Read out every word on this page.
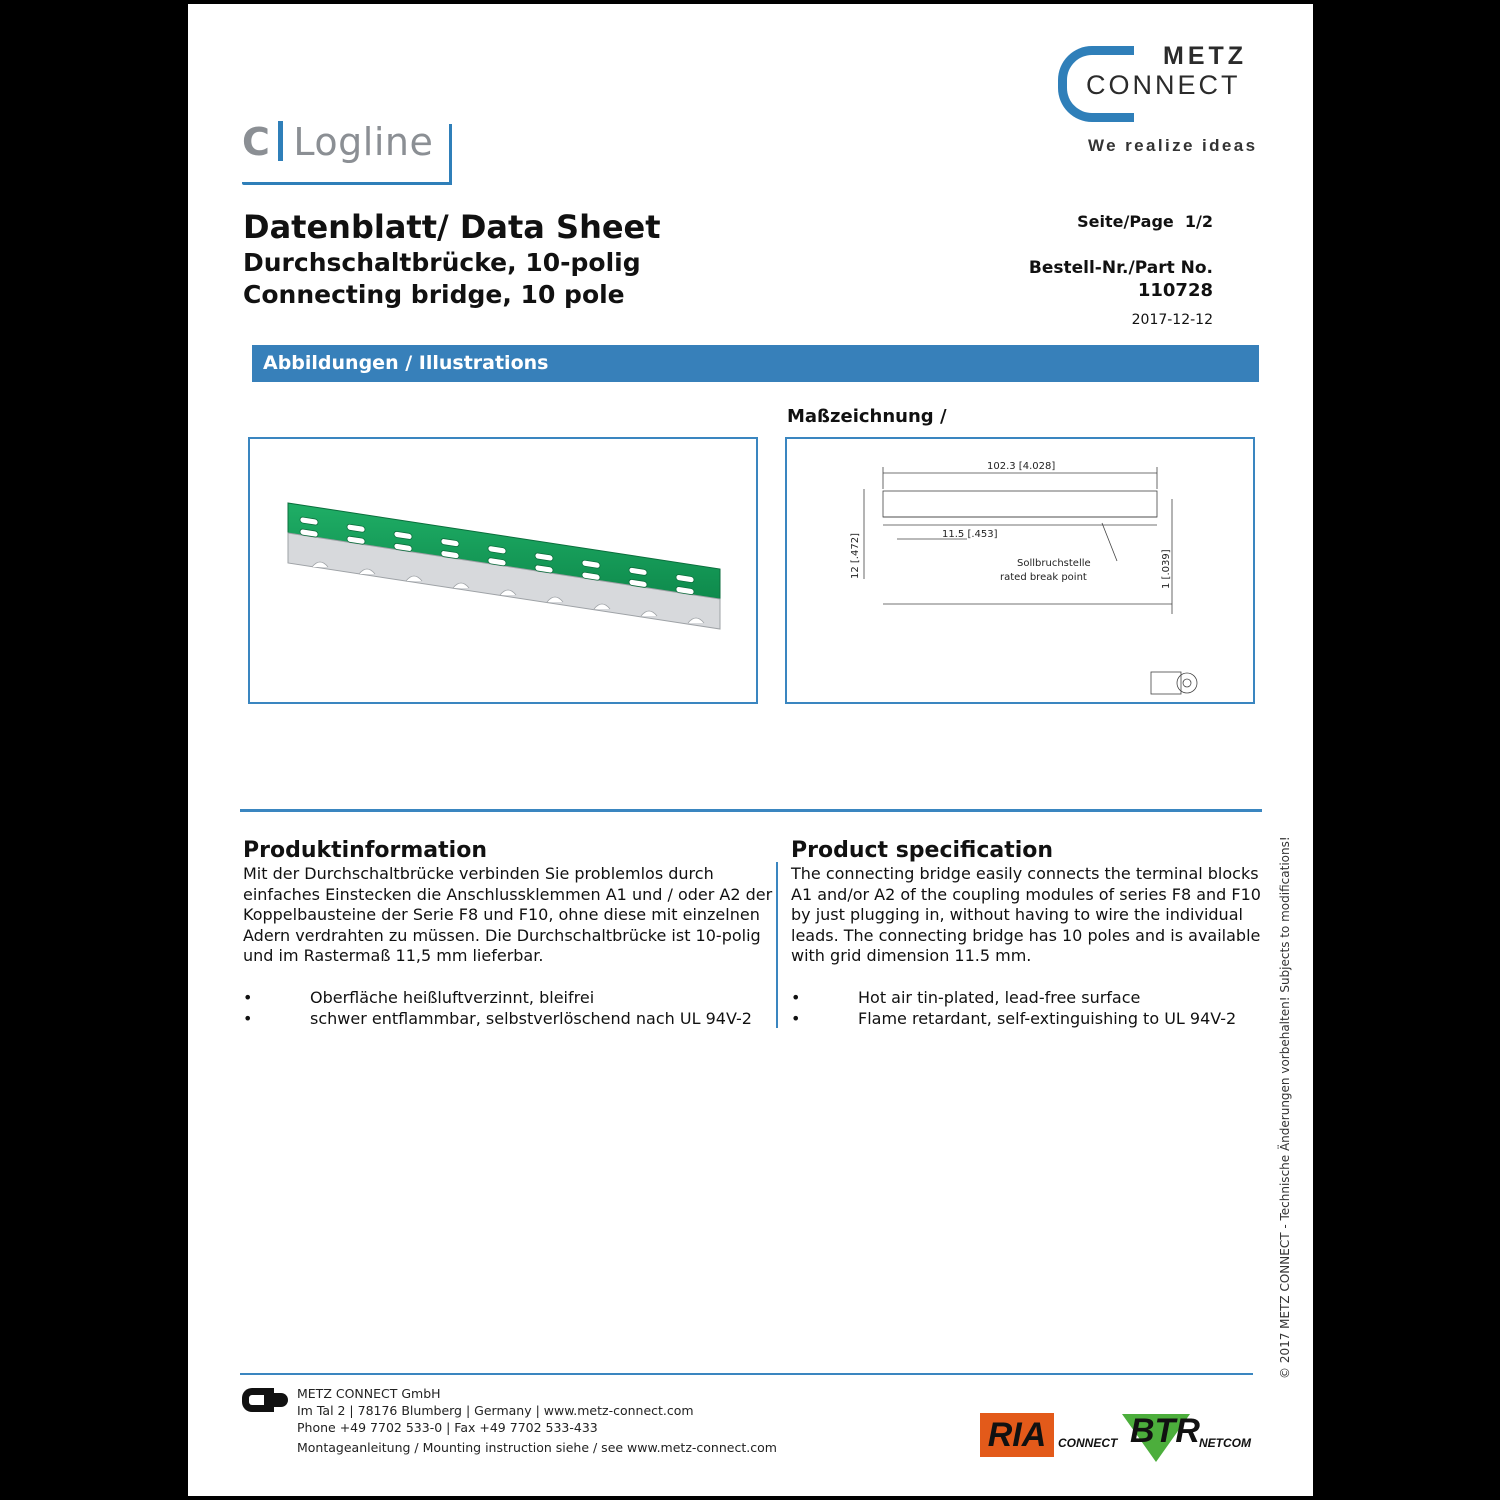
C Logline
METZ
CONNECT
We realize ideas
Datenblatt/ Data Sheet
Durchschaltbrücke, 10-polig
Connecting bridge, 10 pole
Seite/Page 1/2
Bestell-Nr./Part No.
110728
2017-12-12
Abbildungen / Illustrations
Maßzeichnung /
102.3 [4.028]
11.5 [.453]
12 [.472]	1 [.039]
Sollbruchstelle
rated break point
Produktinformation
Mit der Durchschaltbrücke verbinden Sie problemlos durch einfaches Einstecken die Anschlussklemmen A1 und / oder A2 der Koppelbausteine der Serie F8 und F10, ohne diese mit einzelnen Adern verdrahten zu müssen. Die Durchschaltbrücke ist 10-polig und im Rastermaß 11,5 mm lieferbar.
•	Oberfläche heißluftverzinnt, bleifrei
•	schwer entflammbar, selbstverlöschend nach UL 94V-2
Product specification
The connecting bridge easily connects the terminal blocks A1 and/or A2 of the coupling modules of series F8 and F10 by just plugging in, without having to wire the individual leads. The connecting bridge has 10 poles and is available with grid dimension 11.5 mm.
•	Hot air tin-plated, lead-free surface
•	Flame retardant, self-extinguishing to UL 94V-2	© 2017 METZ CONNECT - Technische Änderungen vorbehalten! Subjects to modifications!
METZ CONNECT GmbH
Im Tal 2 | 78176 Blumberg | Germany | www.metz-connect.com
Phone +49 7702 533-0 | Fax +49 7702 533-433
Montageanleitung / Mounting instruction siehe / see www.metz-connect.com	RIA CONNECT BTR NETCOM
